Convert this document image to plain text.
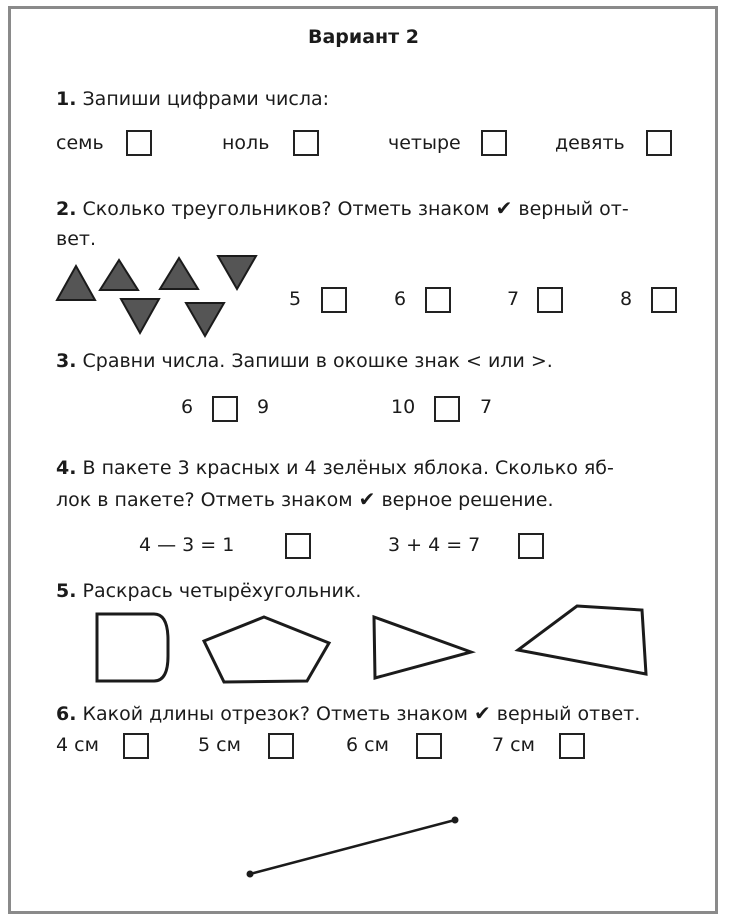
Вариант 2
1. Запиши цифрами числа:
семь	ноль	четыре	девять
2. Сколько треугольников? Отметь знаком ✔ верный от-
вет.
5	6	7	8
3. Сравни числа. Запиши в окошке знак < или >.
6	9	10	7
4. В пакете 3 красных и 4 зелёных яблока. Сколько яб-
лок в пакете? Отметь знаком ✔ верное решение.
4 — 3 = 1	3 + 4 = 7
5. Раскрась четырёхугольник.
6. Какой длины отрезок? Отметь знаком ✔ верный ответ.
4 см	5 см	6 см	7 см
